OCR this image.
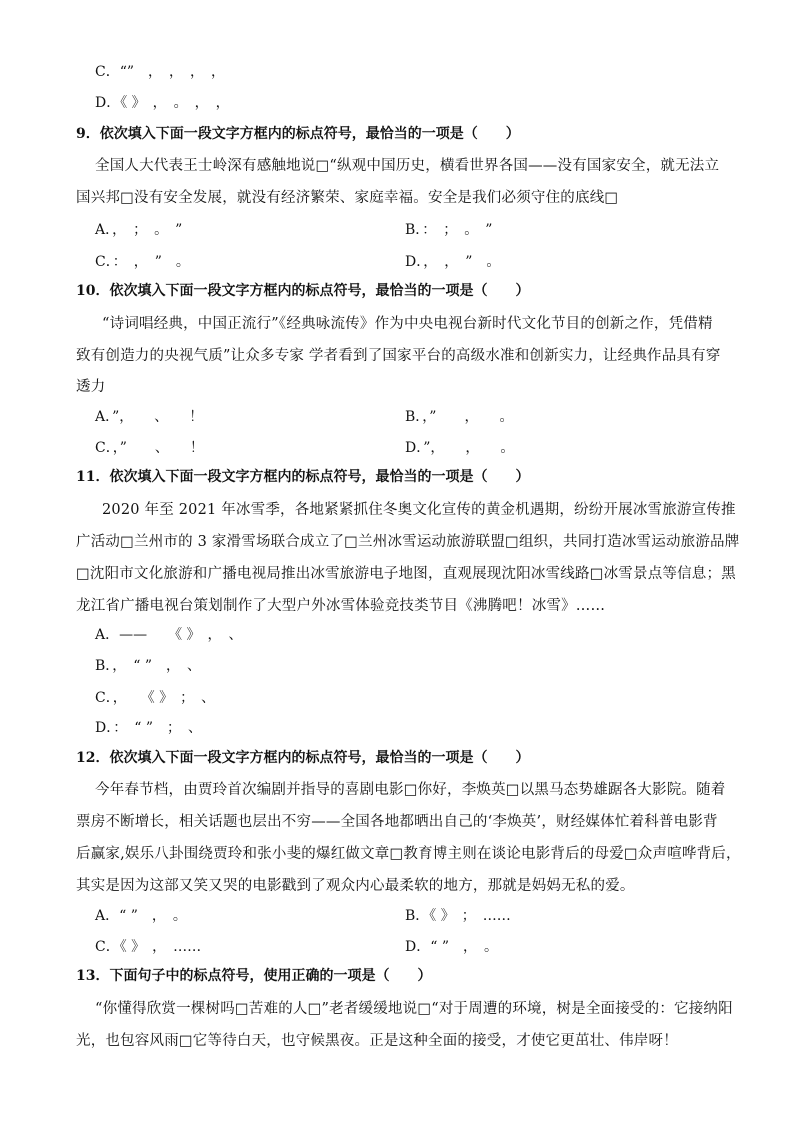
C．“”　，　，　，　，
D．《 》　，　。　，　，
9．依次填入下面一段文字方框内的标点符号，最恰当的一项是（　　）
全国人大代表王士岭深有感触地说□“纵观中国历史，横看世界各国——没有国家安全，就无法立
国兴邦□没有安全发展，就没有经济繁荣、家庭幸福。安全是我们必须守住的底线□
A．，　；　。　”	B．：　；　。　”
C．：　，　”　。	D．，　，　”　。
10．依次填入下面一段文字方框内的标点符号，最恰当的一项是（　　）
“诗词唱经典，中国正流行”《经典咏流传》作为中央电视台新时代文化节目的创新之作，凭借精
致有创造力的央视气质”让众多专家 学者看到了国家平台的高级水准和创新实力，让经典作品具有穿
透力
A．”，　　、　　！	B．，”　　，　　。
C．，”　　、　　！	D．”，　　，　　。
11．依次填入下面一段文字方框内的标点符号，最恰当的一项是（　　）
2020 年至 2021 年冰雪季，各地紧紧抓住冬奥文化宣传的黄金机遇期，纷纷开展冰雪旅游宣传推
广活动□兰州市的 3 家滑雪场联合成立了□兰州冰雪运动旅游联盟□组织，共同打造冰雪运动旅游品牌
□沈阳市文化旅游和广播电视局推出冰雪旅游电子地图，直观展现沈阳冰雪线路□冰雪景点等信息；黑
龙江省广播电视台策划制作了大型户外冰雪体验竞技类节目《沸腾吧！冰雪》……
A．——　　《 》　，　、
B．，　“ ”　，　、
C．，　　《 》　；　、
D．：　“ ”　；　、
12．依次填入下面一段文字方框内的标点符号，最恰当的一项是（　　）
今年春节档，由贾玲首次编剧并指导的喜剧电影□你好，李焕英□以黑马态势雄踞各大影院。随着
票房不断增长，相关话题也层出不穷——全国各地都晒出自己的‘李焕英’，财经媒体忙着科普电影背
后赢家,娱乐八卦围绕贾玲和张小斐的爆红做文章□教育博主则在谈论电影背后的母爱□众声喧哗背后，
其实是因为这部又笑又哭的电影戳到了观众内心最柔软的地方，那就是妈妈无私的爱。
A．“ ”　，　。	B．《 》　；　……
C．《 》　，　……	D．“ ”　，　。
13．下面句子中的标点符号，使用正确的一项是（　　）
“你懂得欣赏一棵树吗□苦难的人□”老者缓缓地说□“对于周遭的环境，树是全面接受的：它接纳阳
光，也包容风雨□它等待白天，也守候黑夜。正是这种全面的接受，才使它更茁壮、伟岸呀！
